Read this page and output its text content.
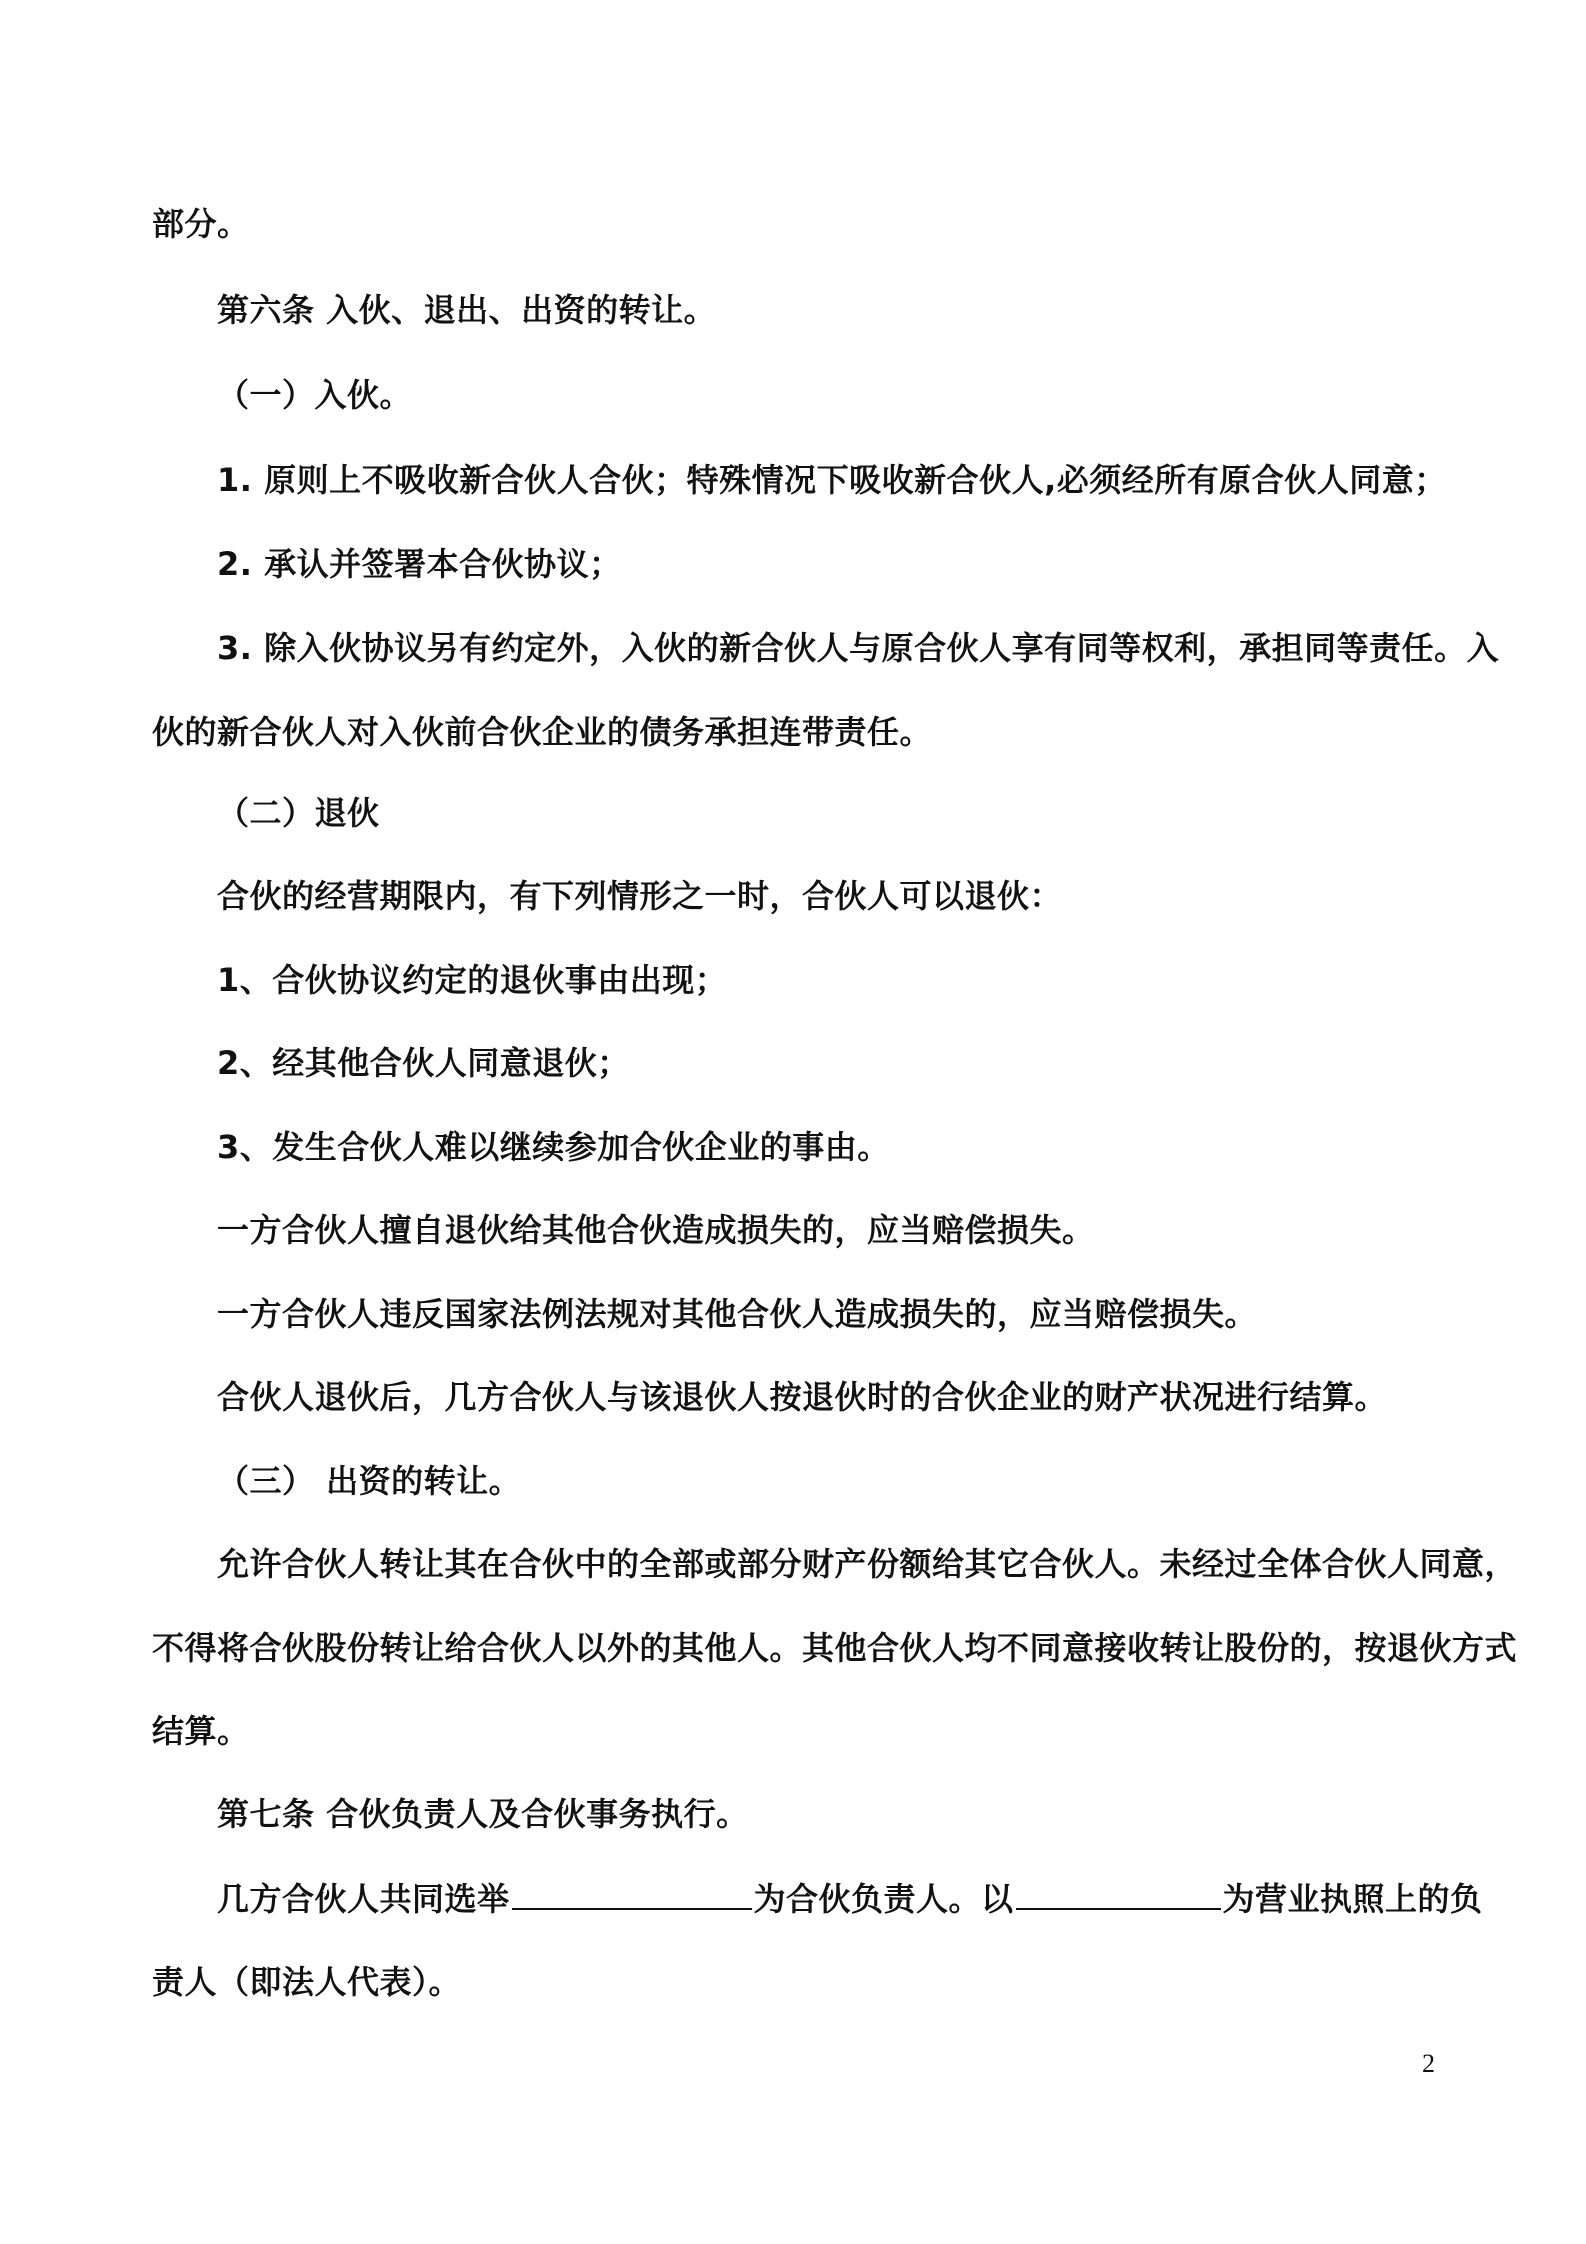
部分。

第六条 入伙、退出、出资的转让。

（一）入伙。

1. 原则上不吸收新合伙人合伙；特殊情况下吸收新合伙人,必须经所有原合伙人同意；

2. 承认并签署本合伙协议；

3. 除入伙协议另有约定外，入伙的新合伙人与原合伙人享有同等权利，承担同等责任。入

伙的新合伙人对入伙前合伙企业的债务承担连带责任。

（二）退伙

合伙的经营期限内，有下列情形之一时，合伙人可以退伙：

1、合伙协议约定的退伙事由出现；

2、经其他合伙人同意退伙；

3、发生合伙人难以继续参加合伙企业的事由。

一方合伙人擅自退伙给其他合伙造成损失的，应当赔偿损失。

一方合伙人违反国家法例法规对其他合伙人造成损失的，应当赔偿损失。

合伙人退伙后，几方合伙人与该退伙人按退伙时的合伙企业的财产状况进行结算。

（三） 出资的转让。

允许合伙人转让其在合伙中的全部或部分财产份额给其它合伙人。未经过全体合伙人同意，

不得将合伙股份转让给合伙人以外的其他人。其他合伙人均不同意接收转让股份的，按退伙方式

结算。

第七条 合伙负责人及合伙事务执行。

几方合伙人共同选举	为合伙负责人。以	为营业执照上的负

责人（即法人代表）。

2
